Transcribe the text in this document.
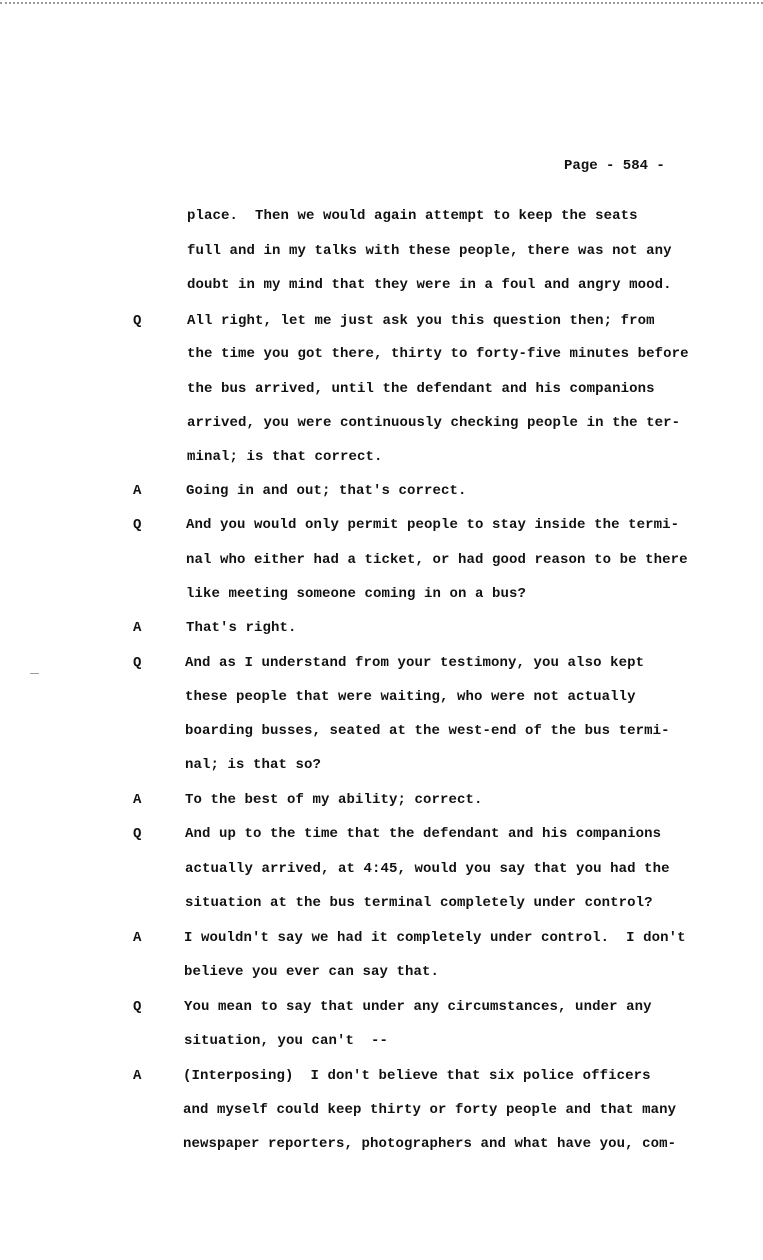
Page - 584 -
Q
A
Q
A
Q
A
Q
A
Q
A
place.  Then we would again attempt to keep the seats
full and in my talks with these people, there was not any
doubt in my mind that they were in a foul and angry mood.
All right, let me just ask you this question then; from
the time you got there, thirty to forty-five minutes before
the bus arrived, until the defendant and his companions
arrived, you were continuously checking people in the ter-
minal; is that correct.
Going in and out; that's correct.
And you would only permit people to stay inside the termi-
nal who either had a ticket, or had good reason to be there
like meeting someone coming in on a bus?
That's right.
And as I understand from your testimony, you also kept
these people that were waiting, who were not actually
boarding busses, seated at the west-end of the bus termi-
nal; is that so?
To the best of my ability; correct.
And up to the time that the defendant and his companions
actually arrived, at 4:45, would you say that you had the
situation at the bus terminal completely under control?
I wouldn't say we had it completely under control.  I don't
believe you ever can say that.
You mean to say that under any circumstances, under any
situation, you can't  --
(Interposing)  I don't believe that six police officers
and myself could keep thirty or forty people and that many
newspaper reporters, photographers and what have you, com-
